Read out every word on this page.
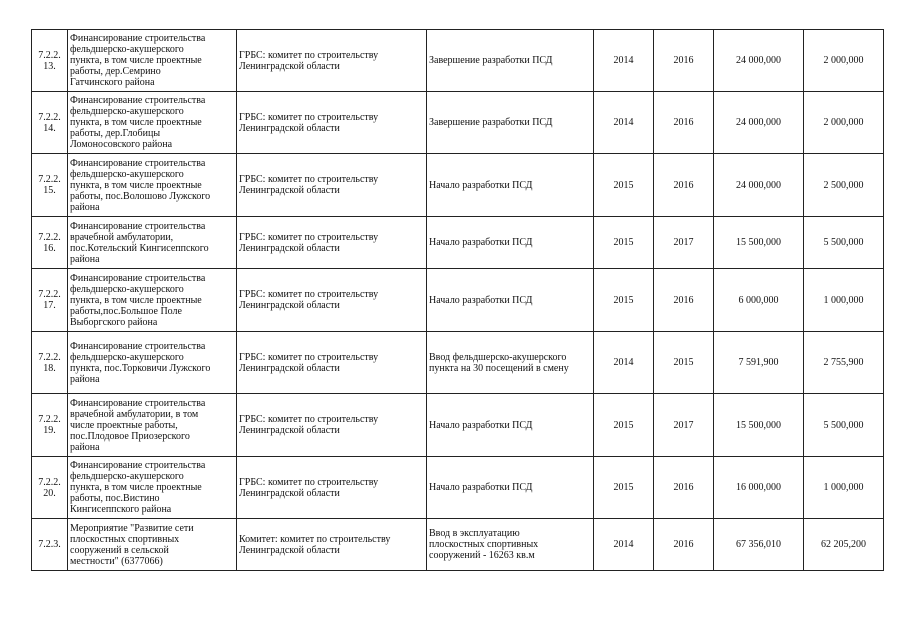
7.2.2.
13.	Финансирование строительства
фельдшерско-акушерского
пункта, в том числе проектные
работы, дер.Семрино
Гатчинского района	ГРБС: комитет по строительству
Ленинградской области	Завершение разработки ПСД	2014	2016	24 000,000	2 000,000
7.2.2.
14.	Финансирование строительства
фельдшерско-акушерского
пункта, в том числе проектные
работы, дер.Глобицы
Ломоносовского района	ГРБС: комитет по строительству
Ленинградской области	Завершение разработки ПСД	2014	2016	24 000,000	2 000,000
7.2.2.
15.	Финансирование строительства
фельдшерско-акушерского
пункта, в том числе проектные
работы, пос.Волошово Лужского
района	ГРБС: комитет по строительству
Ленинградской области	Начало разработки ПСД	2015	2016	24 000,000	2 500,000
7.2.2.
16.	Финансирование строительства
врачебной амбулатории,
пос.Котельский Кингисеппского
района	ГРБС: комитет по строительству
Ленинградской области	Начало разработки ПСД	2015	2017	15 500,000	5 500,000
7.2.2.
17.	Финансирование строительства
фельдшерско-акушерского
пункта, в том числе проектные
работы,пос.Большое Поле
Выборгского района	ГРБС: комитет по строительству
Ленинградской области	Начало разработки ПСД	2015	2016	6 000,000	1 000,000
7.2.2.
18.	Финансирование строительства
фельдшерско-акушерского
пункта, пос.Торковичи Лужского
района	ГРБС: комитет по строительству
Ленинградской области	Ввод фельдшерско-акушерского
пункта на 30 посещений в смену	2014	2015	7 591,900	2 755,900
7.2.2.
19.	Финансирование строительства
врачебной амбулатории, в том
числе проектные работы,
пос.Плодовое Приозерского
района	ГРБС: комитет по строительству
Ленинградской области	Начало разработки ПСД	2015	2017	15 500,000	5 500,000
7.2.2.
20.	Финансирование строительства
фельдшерско-акушерского
пункта, в том числе проектные
работы, пос.Вистино
Кингисеппского района	ГРБС: комитет по строительству
Ленинградской области	Начало разработки ПСД	2015	2016	16 000,000	1 000,000
7.2.3.	Мероприятие "Развитие сети
плоскостных спортивных
сооружений в сельской
местности" (6377066)	Комитет: комитет по строительству
Ленинградской области	Ввод в эксплуатацию
плоскостных спортивных
сооружений - 16263 кв.м	2014	2016	67 356,010	62 205,200
